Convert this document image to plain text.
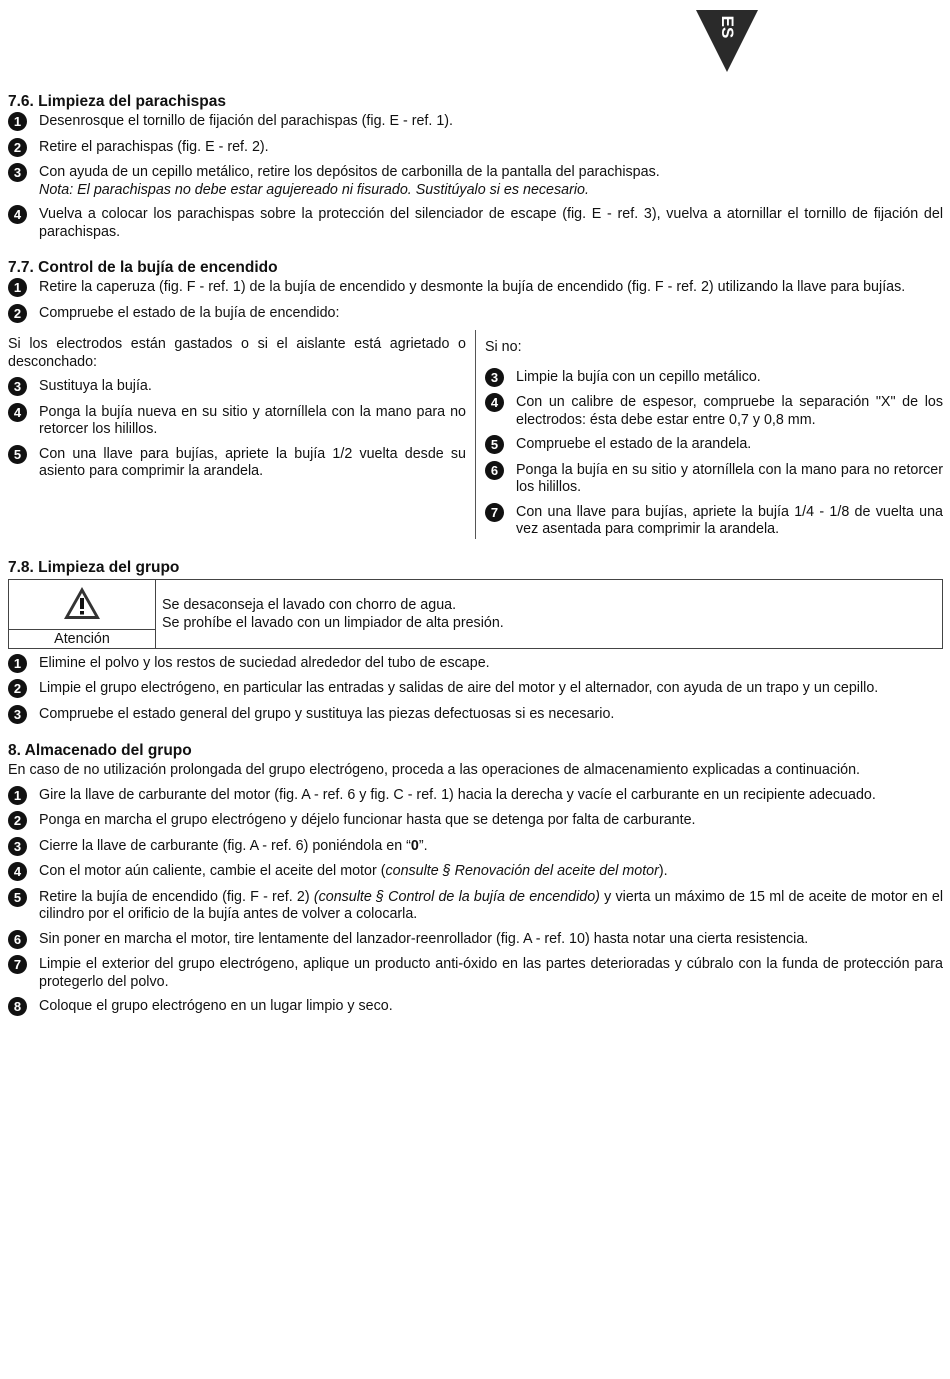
ES
7.6. Limpieza del parachispas
1	Desenrosque el tornillo de fijación del parachispas (fig. E - ref. 1).
2	Retire el parachispas (fig. E - ref. 2).
3	Con ayuda de un cepillo metálico, retire los depósitos de carbonilla de la pantalla del parachispas.
Nota: El parachispas no debe estar agujereado ni fisurado. Sustitúyalo si es necesario.
4	Vuelva a colocar los parachispas sobre la protección del silenciador de escape (fig. E - ref. 3), vuelva a atornillar el tornillo de fijación del parachispas.
7.7. Control de la bujía de encendido
1	Retire la caperuza (fig. F - ref. 1) de la bujía de encendido y desmonte la bujía de encendido (fig. F - ref. 2) utilizando la llave para bujías.
2	Compruebe el estado de la bujía de encendido:
Si los electrodos están gastados o si el aislante está agrietado o desconchado:
3	Sustituya la bujía.
4	Ponga la bujía nueva en su sitio y atorníllela con la mano para no retorcer los hilillos.
5	Con una llave para bujías, apriete la bujía 1/2 vuelta desde su asiento para comprimir la arandela.
Si no:
3	Limpie la bujía con un cepillo metálico.
4	Con un calibre de espesor, compruebe la separación "X" de los electrodos: ésta debe estar entre 0,7 y 0,8 mm.
5	Compruebe el estado de la arandela.
6	Ponga la bujía en su sitio y atorníllela con la mano para no retorcer los hilillos.
7	Con una llave para bujías, apriete la bujía 1/4 - 1/8 de vuelta una vez asentada para comprimir la arandela.
7.8. Limpieza del grupo
Atención
Se desaconseja el lavado con chorro de agua.
Se prohíbe el lavado con un limpiador de alta presión.
1	Elimine el polvo y los restos de suciedad alrededor del tubo de escape.
2	Limpie el grupo electrógeno, en particular las entradas y salidas de aire del motor y el alternador, con ayuda de un trapo y un cepillo.
3	Compruebe el estado general del grupo y sustituya las piezas defectuosas si es necesario.
8. Almacenado del grupo
En caso de no utilización prolongada del grupo electrógeno, proceda a las operaciones de almacenamiento explicadas a continuación.
1	Gire la llave de carburante del motor (fig. A - ref. 6 y fig. C - ref. 1) hacia la derecha y vacíe el carburante en un recipiente adecuado.
2	Ponga en marcha el grupo electrógeno y déjelo funcionar hasta que se detenga por falta de carburante.
3	Cierre la llave de carburante (fig. A - ref. 6) poniéndola en “0”.
4	Con el motor aún caliente, cambie el aceite del motor (consulte § Renovación del aceite del motor).
5	Retire la bujía de encendido (fig. F - ref. 2) (consulte § Control de la bujía de encendido) y vierta un máximo de 15 ml de aceite de motor en el cilindro por el orificio de la bujía antes de volver a colocarla.
6	Sin poner en marcha el motor, tire lentamente del lanzador-reenrollador (fig. A - ref. 10) hasta notar una cierta resistencia.
7	Limpie el exterior del grupo electrógeno, aplique un producto anti-óxido en las partes deterioradas y cúbralo con la funda de protección para protegerlo del polvo.
8	Coloque el grupo electrógeno en un lugar limpio y seco.
